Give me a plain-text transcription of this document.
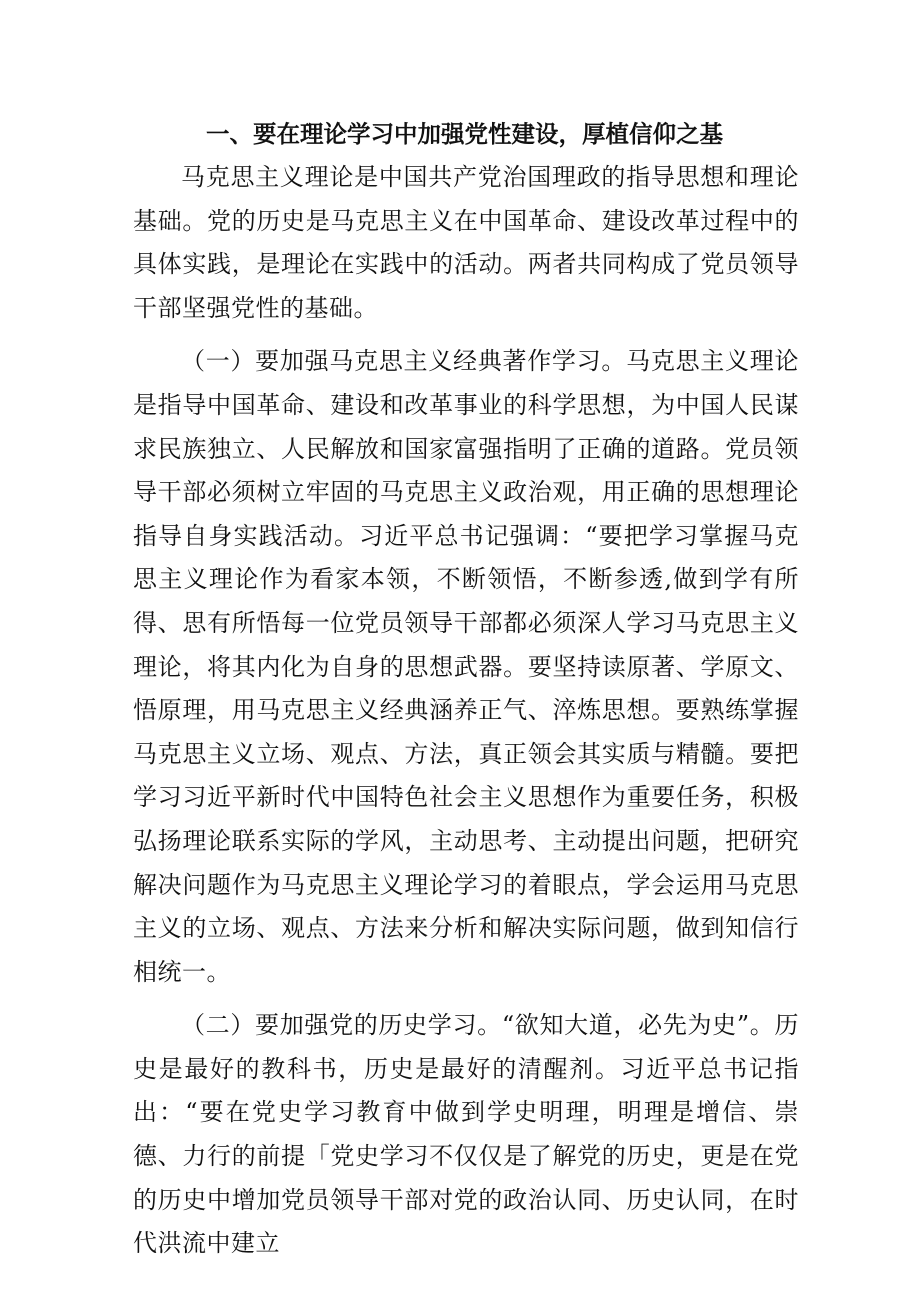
一、要在理论学习中加强党性建设，厚植信仰之基

马克思主义理论是中国共产党治国理政的指导思想和理论基础。党的历史是马克思主义在中国革命、建设改革过程中的具体实践，是理论在实践中的活动。两者共同构成了党员领导干部坚强党性的基础。

（一）要加强马克思主义经典著作学习。马克思主义理论是指导中国革命、建设和改革事业的科学思想，为中国人民谋求民族独立、人民解放和国家富强指明了正确的道路。党员领导干部必须树立牢固的马克思主义政治观，用正确的思想理论指导自身实践活动。习近平总书记强调：“要把学习掌握马克思主义理论作为看家本领，不断领悟，不断参透,做到学有所得、思有所悟每一位党员领导干部都必须深人学习马克思主义理论，将其内化为自身的思想武器。要坚持读原著、学原文、悟原理，用马克思主义经典涵养正气、淬炼思想。要熟练掌握马克思主义立场、观点、方法，真正领会其实质与精髓。要把学习习近平新时代中国特色社会主义思想作为重要任务，积极弘扬理论联系实际的学风，主动思考、主动提出问题，把研究解决问题作为马克思主义理论学习的着眼点，学会运用马克思主义的立场、观点、方法来分析和解决实际问题，做到知信行相统一。

（二）要加强党的历史学习。“欲知大道，必先为史”。历史是最好的教科书，历史是最好的清醒剂。习近平总书记指出：“要在党史学习教育中做到学史明理，明理是增信、崇德、力行的前提「党史学习不仅仅是了解党的历史，更是在党的历史中增加党员领导干部对党的政治认同、历史认同，在时代洪流中建立
